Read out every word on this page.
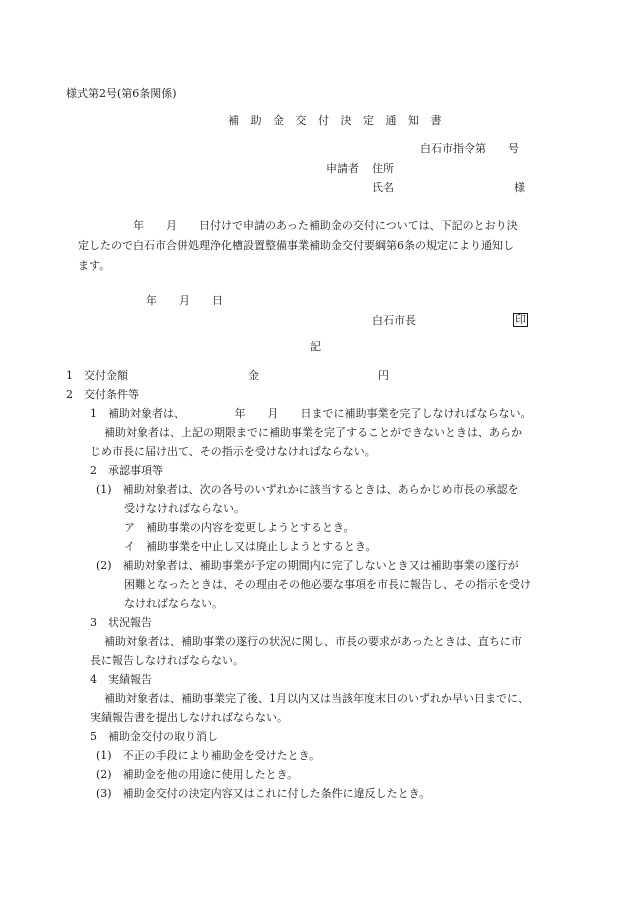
様式第2号(第6条関係)
補 助 金 交 付 決 定 通 知 書
白石市指令第　　号
申請者 住所
氏名	様
　　　　　年　　月　　日付けで申請のあった補助金の交付については、下記のとおり決
定したので白石市合併処理浄化槽設置整備事業補助金交付要綱第6条の規定により通知し
ます。
　　　　年　　月　　日
白石市長	印
記
1　交付金額	金	円
2　交付条件等
1　補助対象者は、　　　　　年　　月　　日までに補助事業を完了しなければならない。
補助対象者は、上記の期限までに補助事業を完了することができないときは、あらか
じめ市長に届け出て、その指示を受けなければならない。
2　承認事項等
(1)　補助対象者は、次の各号のいずれかに該当するときは、あらかじめ市長の承認を
受けなければならない。
ア　補助事業の内容を変更しようとするとき。
イ　補助事業を中止し又は廃止しようとするとき。
(2)　補助対象者は、補助事業が予定の期間内に完了しないとき又は補助事業の遂行が
困難となったときは、その理由その他必要な事項を市長に報告し、その指示を受け
なければならない。
3　状況報告
補助対象者は、補助事業の遂行の状況に関し、市長の要求があったときは、直ちに市
長に報告しなければならない。
4　実績報告
補助対象者は、補助事業完了後、1月以内又は当該年度末日のいずれか早い日までに、
実績報告書を提出しなければならない。
5　補助金交付の取り消し
(1)　不正の手段により補助金を受けたとき。
(2)　補助金を他の用途に使用したとき。
(3)　補助金交付の決定内容又はこれに付した条件に違反したとき。
